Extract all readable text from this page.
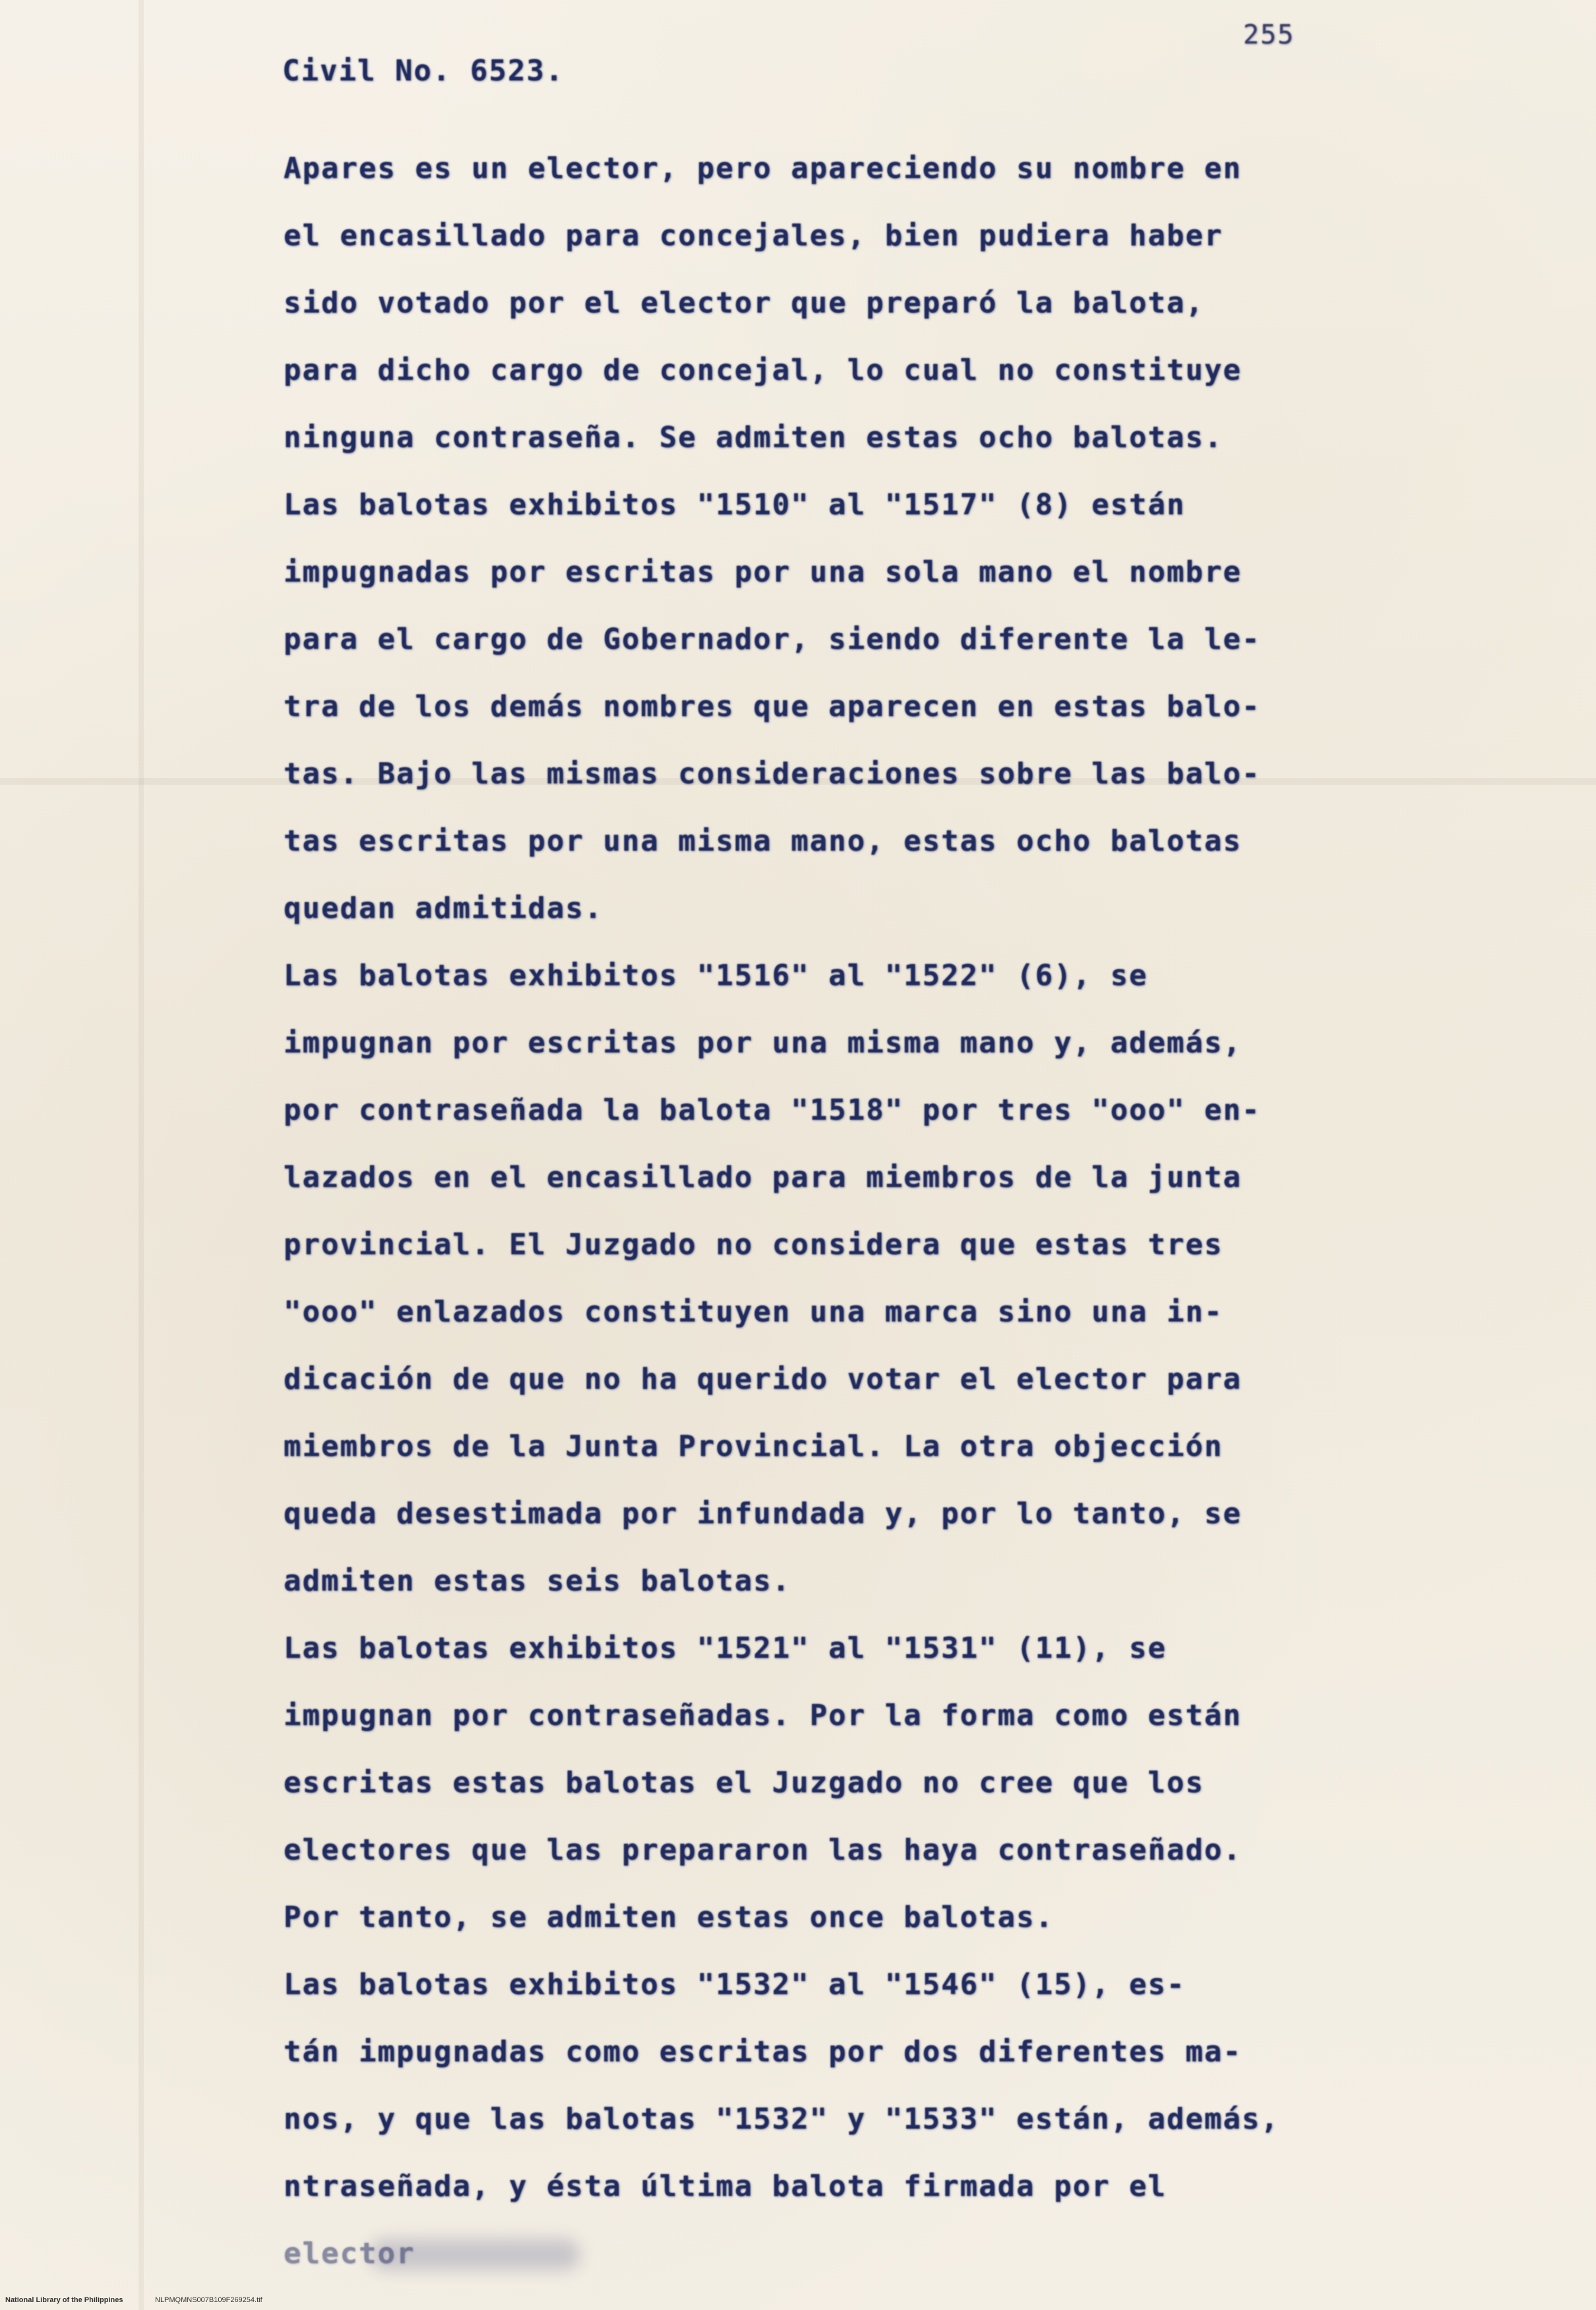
255
Civil No. 6523.
Apares es un elector, pero apareciendo su nombre en
el encasillado para concejales, bien pudiera haber
sido votado por el elector que preparó la balota,
para dicho cargo de concejal, lo cual no constituye
ninguna contraseña. Se admiten estas ocho balotas.
Las balotas exhibitos "1510" al "1517" (8) están
impugnadas por escritas por una sola mano el nombre
para el cargo de Gobernador, siendo diferente la le-
tra de los demás nombres que aparecen en estas balo-
tas. Bajo las mismas consideraciones sobre las balo-
tas escritas por una misma mano, estas ocho balotas
quedan admitidas.
Las balotas exhibitos "1516" al "1522" (6), se
impugnan por escritas por una misma mano y, además,
por contraseñada la balota "1518" por tres "ooo" en-
lazados en el encasillado para miembros de la junta
provincial. El Juzgado no considera que estas tres
"ooo" enlazados constituyen una marca sino una in-
dicación de que no ha querido votar el elector para
miembros de la Junta Provincial. La otra objección
queda desestimada por infundada y, por lo tanto, se
admiten estas seis balotas.
Las balotas exhibitos "1521" al "1531" (11), se
impugnan por contraseñadas. Por la forma como están
escritas estas balotas el Juzgado no cree que los
electores que las prepararon las haya contraseñado.
Por tanto, se admiten estas once balotas.
Las balotas exhibitos "1532" al "1546" (15), es-
tán impugnadas como escritas por dos diferentes ma-
nos, y que las balotas "1532" y "1533" están, además,
ntraseñada, y ésta última balota firmada por el
elector
National Library of the Philippines	NLPMQMNS007B109F269254.tif
